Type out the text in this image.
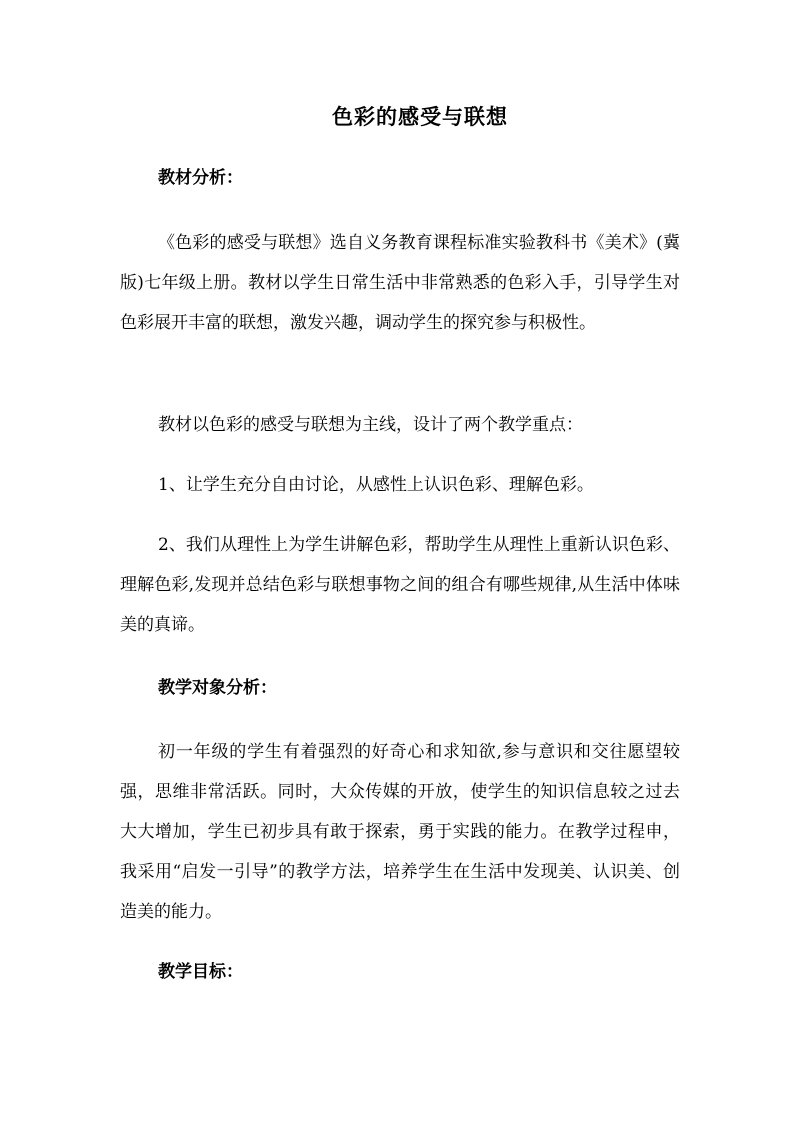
色彩的感受与联想
教材分析：

《色彩的感受与联想》选自义务教育课程标准实验教科书《美术》(冀版)七年级上册。教材以学生日常生活中非常熟悉的色彩入手，引导学生对色彩展开丰富的联想，激发兴趣，调动学生的探究参与积极性。

教材以色彩的感受与联想为主线，设计了两个教学重点：

1、让学生充分自由讨论，从感性上认识色彩、理解色彩。

2、我们从理性上为学生讲解色彩，帮助学生从理性上重新认识色彩、理解色彩,发现并总结色彩与联想事物之间的组合有哪些规律,从生活中体味美的真谛。

教学对象分析：

初一年级的学生有着强烈的好奇心和求知欲,参与意识和交往愿望较强，思维非常活跃。同时，大众传媒的开放，使学生的知识信息较之过去大大增加，学生已初步具有敢于探索，勇于实践的能力。在教学过程申，我采用“启发一引导”的教学方法，培养学生在生活中发现美、认识美、创造美的能力。

教学目标：
